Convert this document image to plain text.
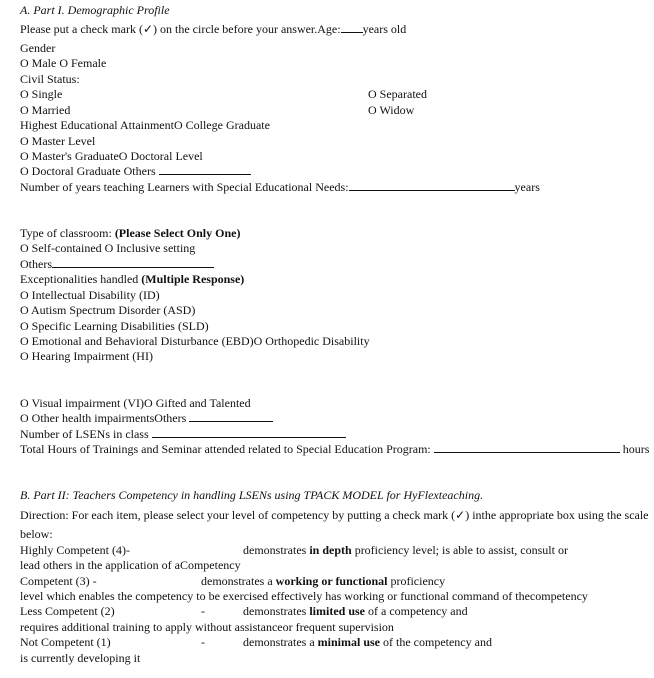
A. Part I. Demographic Profile
Please put a check mark (✓) on the circle before your answer.Age: years old
Gender
O Male O Female
Civil Status:
O Single	O Separated
O Married	O Widow
Highest Educational AttainmentO College Graduate
O Master Level
O Master's GraduateO Doctoral Level
O Doctoral Graduate Others
Number of years teaching Learners with Special Educational Needs:	years
Type of classroom: (Please Select Only One)
O Self-contained O Inclusive setting
Others
Exceptionalities handled (Multiple Response)
O Intellectual Disability (ID)
O Autism Spectrum Disorder (ASD)
O Specific Learning Disabilities (SLD)
O Emotional and Behavioral Disturbance (EBD)O Orthopedic Disability
O Hearing Impairment (HI)
O Visual impairment (VI)O Gifted and Talented
O Other health impairmentsOthers
Number of LSENs in class
Total Hours of Trainings and Seminar attended related to Special Education Program:	hours
B. Part II: Teachers Competency in handling LSENs using TPACK MODEL for HyFlexteaching.
Direction: For each item, please select your level of competency by putting a check mark (✓) inthe appropriate box using the scale
below:
Highly Competent (4)-	demonstrates in depth proficiency level; is able to assist, consult or
lead others in the application of aCompetency
Competent (3) -	demonstrates a working or functional proficiency
level which enables the competency to be exercised effectively has working or functional command of thecompetency
Less Competent (2)	-	demonstrates limited use of a competency and
requires additional training to apply without assistanceor frequent supervision
Not Competent (1)	-	demonstrates a minimal use of the competency and
is currently developing it
